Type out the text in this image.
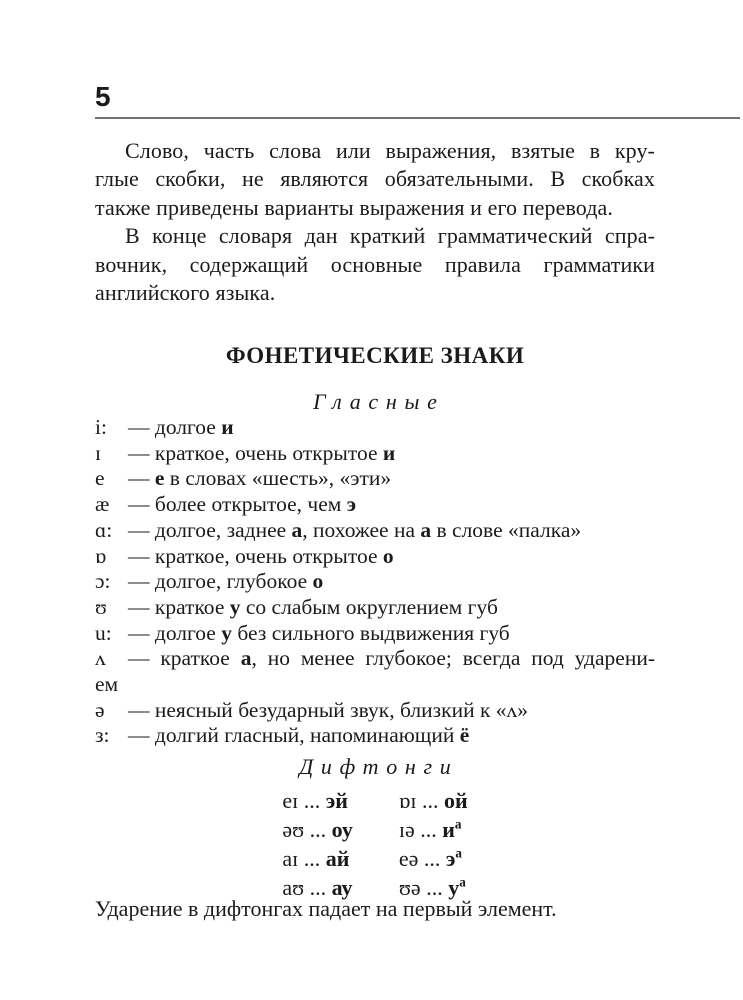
5
Слово, часть слова или выражения, взятые в кру-
глые скобки, не являются обязательными. В скобках
также приведены варианты выражения и его перевода.
В конце словаря дан краткий грамматический спра-
вочник, содержащий основные правила грамматики
английского языка.
ФОНЕТИЧЕСКИЕ ЗНАКИ
Гласные
i: — долгое и
ɪ — краткое, очень открытое и
e — е в словах «шесть», «эти»
æ — более открытое, чем э
ɑ: — долгое, заднее а, похожее на а в слове «палка»
ɒ — краткое, очень открытое о
ɔ: — долгое, глубокое о
ʊ — краткое у со слабым округлением губ
u: — долгое у без сильного выдвижения губ
ʌ — краткое а, но менее глубокое; всегда под ударени-
ем
ə — неясный безударный звук, близкий к «ʌ»
з: — долгий гласный, напоминающий ё
Дифтонги
eɪ ... эй ɒɪ ... ой
əʊ ... оу ɪə ... $и^а$
aɪ ... ай eə ... $э^а$
aʊ ... ау ʊə ... $у^а$
Ударение в дифтонгах падает на первый элемент.
